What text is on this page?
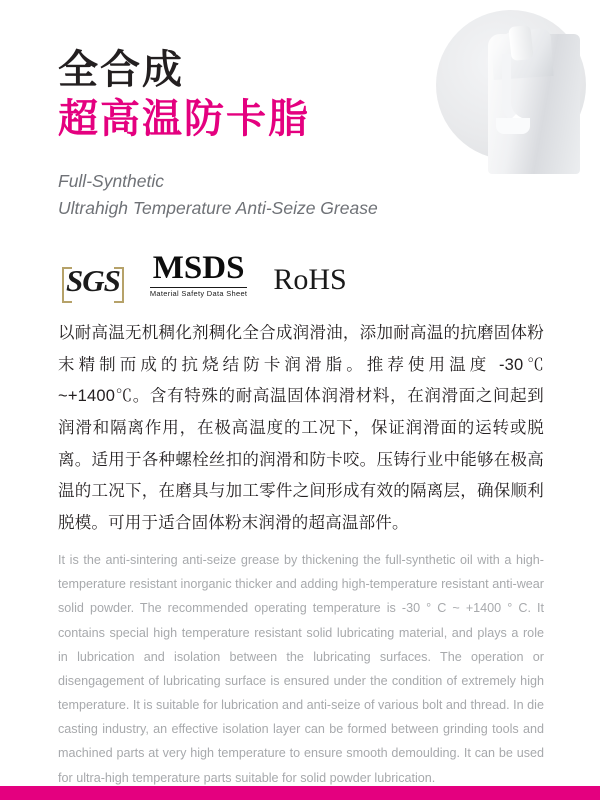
全合成
超高温防卡脂
Full-Synthetic
Ultrahigh Temperature Anti-Seize Grease
SGS MSDS
Material Safety Data Sheet RoHS
以耐高温无机稠化剂稠化全合成润滑油，添加耐高温的抗磨固体粉末精制而成的抗烧结防卡润滑脂。推荐使用温度 -30℃ ~+1400℃。含有特殊的耐高温固体润滑材料，在润滑面之间起到润滑和隔离作用，在极高温度的工况下，保证润滑面的运转或脱离。适用于各种螺栓丝扣的润滑和防卡咬。压铸行业中能够在极高温的工况下，在磨具与加工零件之间形成有效的隔离层，确保顺利脱模。可用于适合固体粉末润滑的超高温部件。
It is the anti-sintering anti-seize grease by thickening the full-synthetic oil with a high-temperature resistant inorganic thicker and adding high-temperature resistant anti-wear solid powder. The recommended operating temperature is -30 ° C ~ +1400 ° C. It contains special high temperature resistant solid lubricating material, and plays a role in lubrication and isolation between the lubricating surfaces. The operation or disengagement of lubricating surface is ensured under the condition of extremely high temperature. It is suitable for lubrication and anti-seize of various bolt and thread. In die casting industry, an effective isolation layer can be formed between grinding tools and machined parts at very high temperature to ensure smooth demoulding. It can be used for ultra-high temperature parts suitable for solid powder lubrication.
